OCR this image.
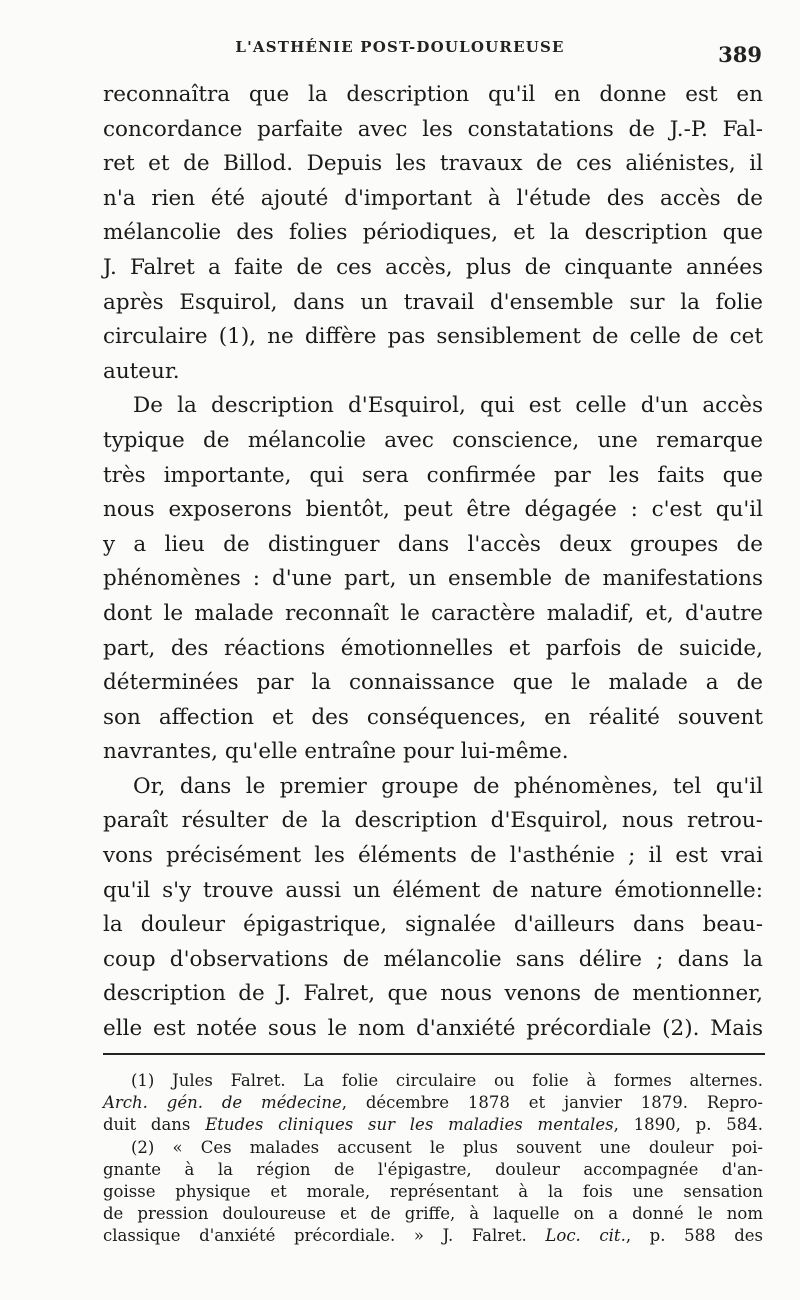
L'ASTHÉNIE POST-DOULOUREUSE	389
reconnaîtra que la description qu'il en donne est en
concordance parfaite avec les constatations de J.-P. Fal-
ret et de Billod. Depuis les travaux de ces aliénistes, il
n'a rien été ajouté d'important à l'étude des accès de
mélancolie des folies périodiques, et la description que
J. Falret a faite de ces accès, plus de cinquante années
après Esquirol, dans un travail d'ensemble sur la folie
circulaire (1), ne diffère pas sensiblement de celle de cet
auteur.
De la description d'Esquirol, qui est celle d'un accès
typique de mélancolie avec conscience, une remarque
très importante, qui sera confirmée par les faits que
nous exposerons bientôt, peut être dégagée : c'est qu'il
y a lieu de distinguer dans l'accès deux groupes de
phénomènes : d'une part, un ensemble de manifestations
dont le malade reconnaît le caractère maladif, et, d'autre
part, des réactions émotionnelles et parfois de suicide,
déterminées par la connaissance que le malade a de
son affection et des conséquences, en réalité souvent
navrantes, qu'elle entraîne pour lui-même.
Or, dans le premier groupe de phénomènes, tel qu'il
paraît résulter de la description d'Esquirol, nous retrou-
vons précisément les éléments de l'asthénie ; il est vrai
qu'il s'y trouve aussi un élément de nature émotionnelle:
la douleur épigastrique, signalée d'ailleurs dans beau-
coup d'observations de mélancolie sans délire ; dans la
description de J. Falret, que nous venons de mentionner,
elle est notée sous le nom d'anxiété précordiale (2). Mais
(1) Jules Falret. La folie circulaire ou folie à formes alternes.
Arch. gén. de médecine, décembre 1878 et janvier 1879. Repro-
duit dans Etudes cliniques sur les maladies mentales, 1890, p. 584.
(2) « Ces malades accusent le plus souvent une douleur poi-
gnante à la région de l'épigastre, douleur accompagnée d'an-
goisse physique et morale, représentant à la fois une sensation
de pression douloureuse et de griffe, à laquelle on a donné le nom
classique d'anxiété précordiale. » J. Falret. Loc. cit., p. 588 des
